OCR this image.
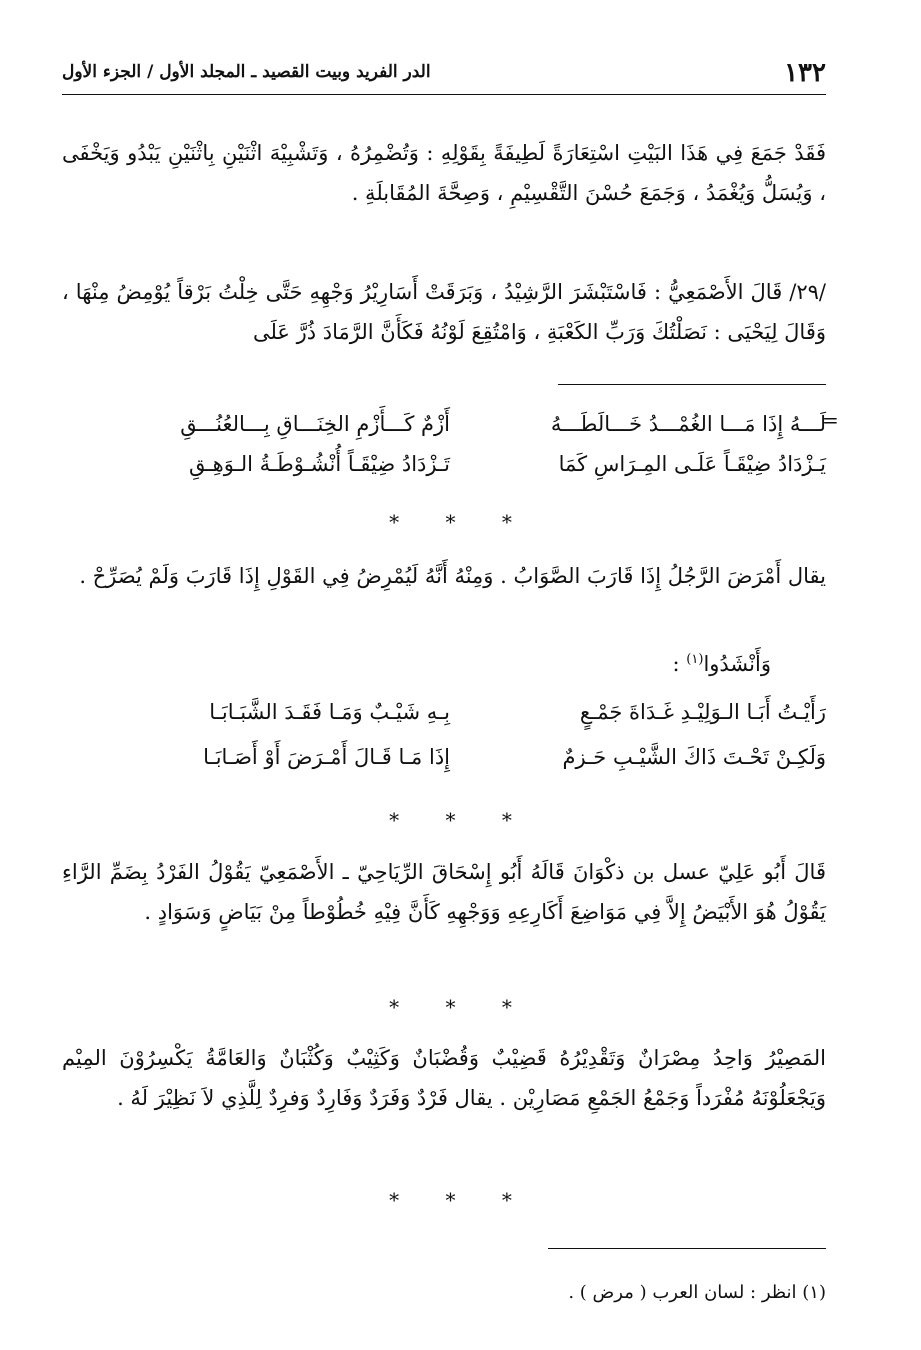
١٣٢
الدر الفريد وبيت القصيد ـ المجلد الأول / الجزء الأول
فَقَدْ جَمَعَ فِي هَذَا البَيْتِ اسْتِعَارَةً لَطِيفَةً بِقَوْلِهِ : وَتُضْمِرُهُ ، وَتَشْبِيْهَ اثْنَيْنِ بِاثْنَيْنِ يَبْدُو وَيَخْفَى ، وَيُسَلُّ وَيُغْمَدُ ، وَجَمَعَ حُسْنَ التَّقْسِيْمِ ، وَصِحَّةَ المُقَابلَةِ .
/٢٩/ قَالَ الأَصْمَعِيُّ : فَاسْتَبْشَرَ الرَّشِيْدُ ، وَبَرَقَتْ أَسَارِيْرُ وَجْهِهِ حَتَّى خِلْتُ بَرْقاً يُوْمِضُ مِنْهَا ، وَقَالَ لِيَحْيَى : نَصَلْتُكَ وَرَبِّ الكَعْبَةِ ، وَامْتُقِعَ لَوْنُهُ فَكَأَنَّ الرَّمَادَ ذُرَّ عَلَى
=
لَـــهُ إِذَا مَـــا الغُمْـــدُ خَـــالَطَـــهُ
أَزْمٌ كَـــأَزْمِ الخِنَـــاقِ بِـــالعُنُـــقِ
يَـزْدَادُ ضِيْقَـاً عَلَـى المِـرَاسِ كَمَا
تَـزْدَادُ ضِيْقَـاً أُنْشُـوْطَـةُ الـوَهِـقِ
* * *
يقال أَمْرَضَ الرَّجُلُ إِذَا قَارَبَ الصَّوَابُ . وَمِنْهُ أَنَّهُ لَيُمْرِضُ فِي القَوْلِ إِذَا قَارَبَ وَلَمْ يُصَرِّحْ .
وَأَنْشَدُوا$^{(١)}$ :
رَأَيْـتُ أَبَـا الـوَلِيْـدِ غَـدَاةَ جَمْـعٍ
بِـهِ شَيْـبٌ وَمَـا فَقَـدَ الشَّبَـابَـا
وَلَكِـنْ تَحْـتَ ذَاكَ الشَّيْـبِ حَـزمٌ
إِذَا مَـا قَـالَ أَمْـرَضَ أَوْ أَصَـابَـا
* * *
قَالَ أَبُو عَلِيّ عسل بن ذكْوَانَ قَالَهُ أَبُو إِسْحَاقَ الرِّيَاحِيّ ـ الأَصْمَعِيّ يَقُوْلُ الفَرْدُ بِضَمِّ الرَّاءِ يَقُوْلُ هُوَ الأَبْيَضُ إِلاَّ فِي مَوَاضِعَ أَكَارِعِهِ وَوَجْهِهِ كَأَنَّ فِيْهِ خُطُوْطاً مِنْ بَيَاضٍ وَسَوَادٍ .
* * *
المَصِيْرُ وَاحِدُ مِصْرَانٌ وَتَقْدِيْرُهُ قَضِيْبٌ وَقُضْبَانٌ وَكَثِيْبٌ وَكُثْبَانٌ وَالعَامَّةُ يَكْسِرُوْنَ المِيْم وَيَجْعَلُوْنَهُ مُفْرَداً وَجَمْعُ الجَمْعِ مَصَارِيْن . يقال فَرْدٌ وَفَرَدٌ وَفَارِدٌ وَفرِدٌ لِلَّذِي لاَ نَظِيْرَ لَهُ .
* * *
(١) انظر : لسان العرب ( مرض ) .
